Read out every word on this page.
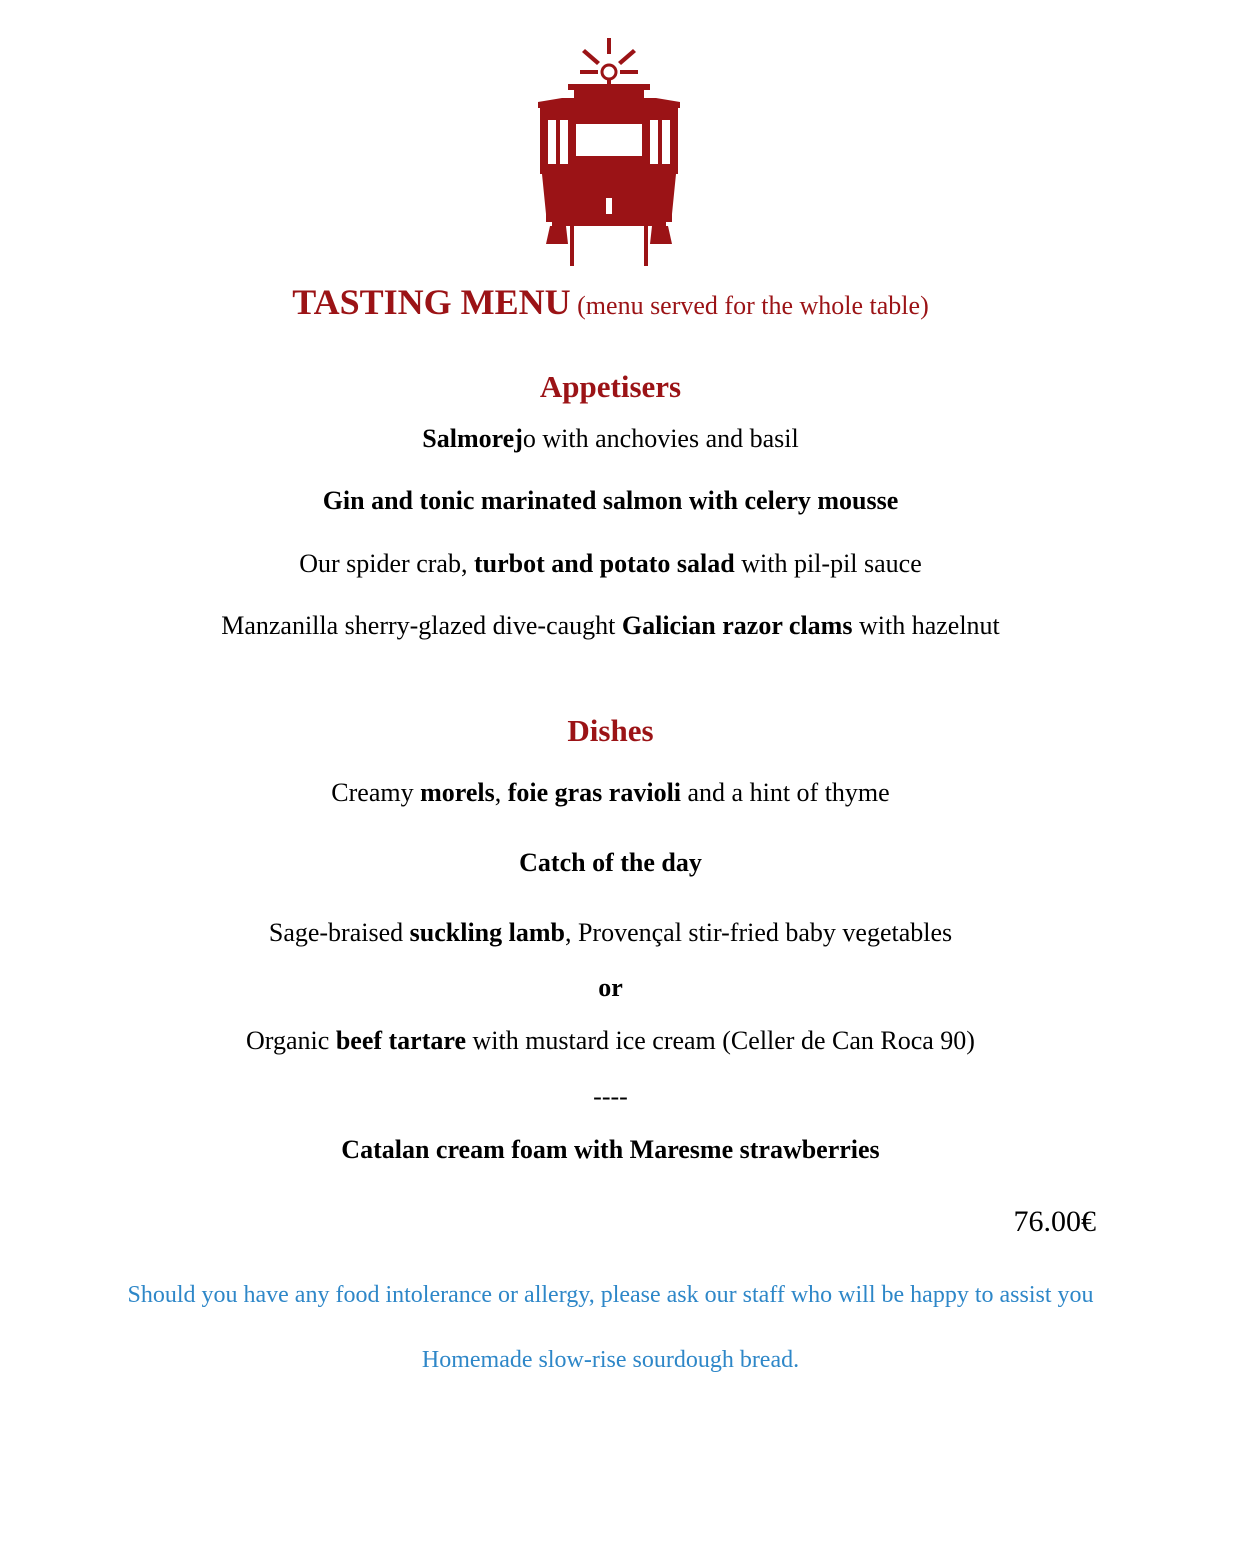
TASTING MENU (menu served for the whole table)
Appetisers
Salmorejo with anchovies and basil
Gin and tonic marinated salmon with celery mousse
Our spider crab, turbot and potato salad with pil-pil sauce
Manzanilla sherry-glazed dive-caught Galician razor clams with hazelnut
Dishes
Creamy morels, foie gras ravioli and a hint of thyme
Catch of the day
Sage-braised suckling lamb, Provençal stir-fried baby vegetables
or
Organic beef tartare with mustard ice cream (Celler de Can Roca 90)
----
Catalan cream foam with Maresme strawberries
76.00€
Should you have any food intolerance or allergy, please ask our staff who will be happy to assist you
Homemade slow-rise sourdough bread.
